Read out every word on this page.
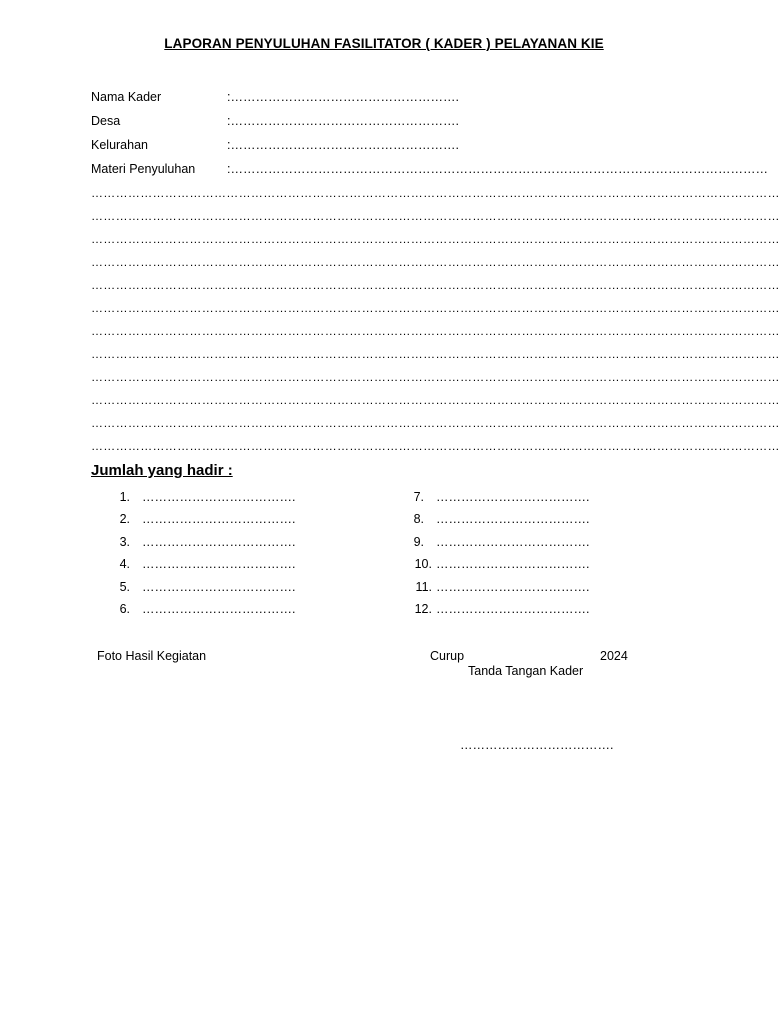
LAPORAN PENYULUHAN FASILITATOR ( KADER ) PELAYANAN KIE
Nama Kader	:……………………………………………….
Desa	:……………………………………………….
Kelurahan	:……………………………………………….
Materi Penyuluhan	:…………………………………………………………………………………………………………………
……………………………………………………………………………………………………………………………………………………
……………………………………………………………………………………………………………………………………………………
……………………………………………………………………………………………………………………………………………………
……………………………………………………………………………………………………………………………………………………
……………………………………………………………………………………………………………………………………………………
……………………………………………………………………………………………………………………………………………………
……………………………………………………………………………………………………………………………………………………
……………………………………………………………………………………………………………………………………………………
……………………………………………………………………………………………………………………………………………………
……………………………………………………………………………………………………………………………………………………
……………………………………………………………………………………………………………………………………………………
……………………………………………………………………………………………………………………………………………………
Jumlah yang hadir :
1. ……………………………….
2. ……………………………….
3. ……………………………….
4. ……………………………….
5. ……………………………….
6. ……………………………….
7. ……………………………….
8. ……………………………….
9. ……………………………….
10. ……………………………….
11. ……………………………….
12. ……………………………….
Foto Hasil Kegiatan	Curup	2024
Tanda Tangan Kader
……………………………….
